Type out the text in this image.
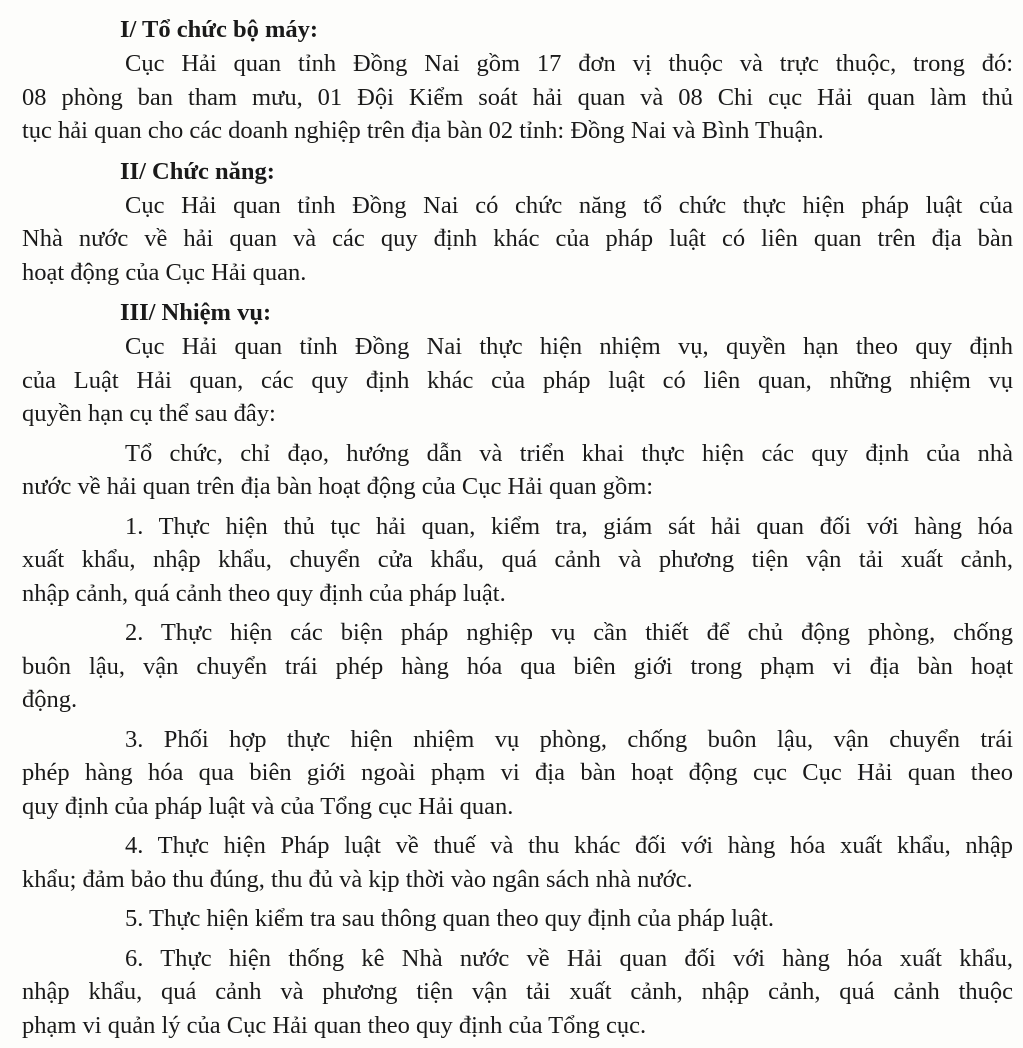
I/ Tổ chức bộ máy:
Cục Hải quan tỉnh Đồng Nai gồm 17 đơn vị thuộc và trực thuộc, trong đó:
08 phòng ban tham mưu, 01 Đội Kiểm soát hải quan và 08 Chi cục Hải quan làm thủ
tục hải quan cho các doanh nghiệp trên địa bàn 02 tỉnh: Đồng Nai và Bình Thuận.
II/ Chức năng:
Cục Hải quan tỉnh Đồng Nai có chức năng tổ chức thực hiện pháp luật của
Nhà nước về hải quan và các quy định khác của pháp luật có liên quan trên địa bàn
hoạt động của Cục Hải quan.
III/ Nhiệm vụ:
Cục Hải quan tỉnh Đồng Nai thực hiện nhiệm vụ, quyền hạn theo quy định
của Luật Hải quan, các quy định khác của pháp luật có liên quan, những nhiệm vụ
quyền hạn cụ thể sau đây:
Tổ chức, chỉ đạo, hướng dẫn và triển khai thực hiện các quy định của nhà
nước về hải quan trên địa bàn hoạt động của Cục Hải quan gồm:
1. Thực hiện thủ tục hải quan, kiểm tra, giám sát hải quan đối với hàng hóa
xuất khẩu, nhập khẩu, chuyển cửa khẩu, quá cảnh và phương tiện vận tải xuất cảnh,
nhập cảnh, quá cảnh theo quy định của pháp luật.
2. Thực hiện các biện pháp nghiệp vụ cần thiết để chủ động phòng, chống
buôn lậu, vận chuyển trái phép hàng hóa qua biên giới trong phạm vi địa bàn hoạt
động.
3. Phối hợp thực hiện nhiệm vụ phòng, chống buôn lậu, vận chuyển trái
phép hàng hóa qua biên giới ngoài phạm vi địa bàn hoạt động cục Cục Hải quan theo
quy định của pháp luật và của Tổng cục Hải quan.
4. Thực hiện Pháp luật về thuế và thu khác đối với hàng hóa xuất khẩu, nhập
khẩu; đảm bảo thu đúng, thu đủ và kịp thời vào ngân sách nhà nước.
5. Thực hiện kiểm tra sau thông quan theo quy định của pháp luật.
6. Thực hiện thống kê Nhà nước về Hải quan đối với hàng hóa xuất khẩu,
nhập khẩu, quá cảnh và phương tiện vận tải xuất cảnh, nhập cảnh, quá cảnh thuộc
phạm vi quản lý của Cục Hải quan theo quy định của Tổng cục.
